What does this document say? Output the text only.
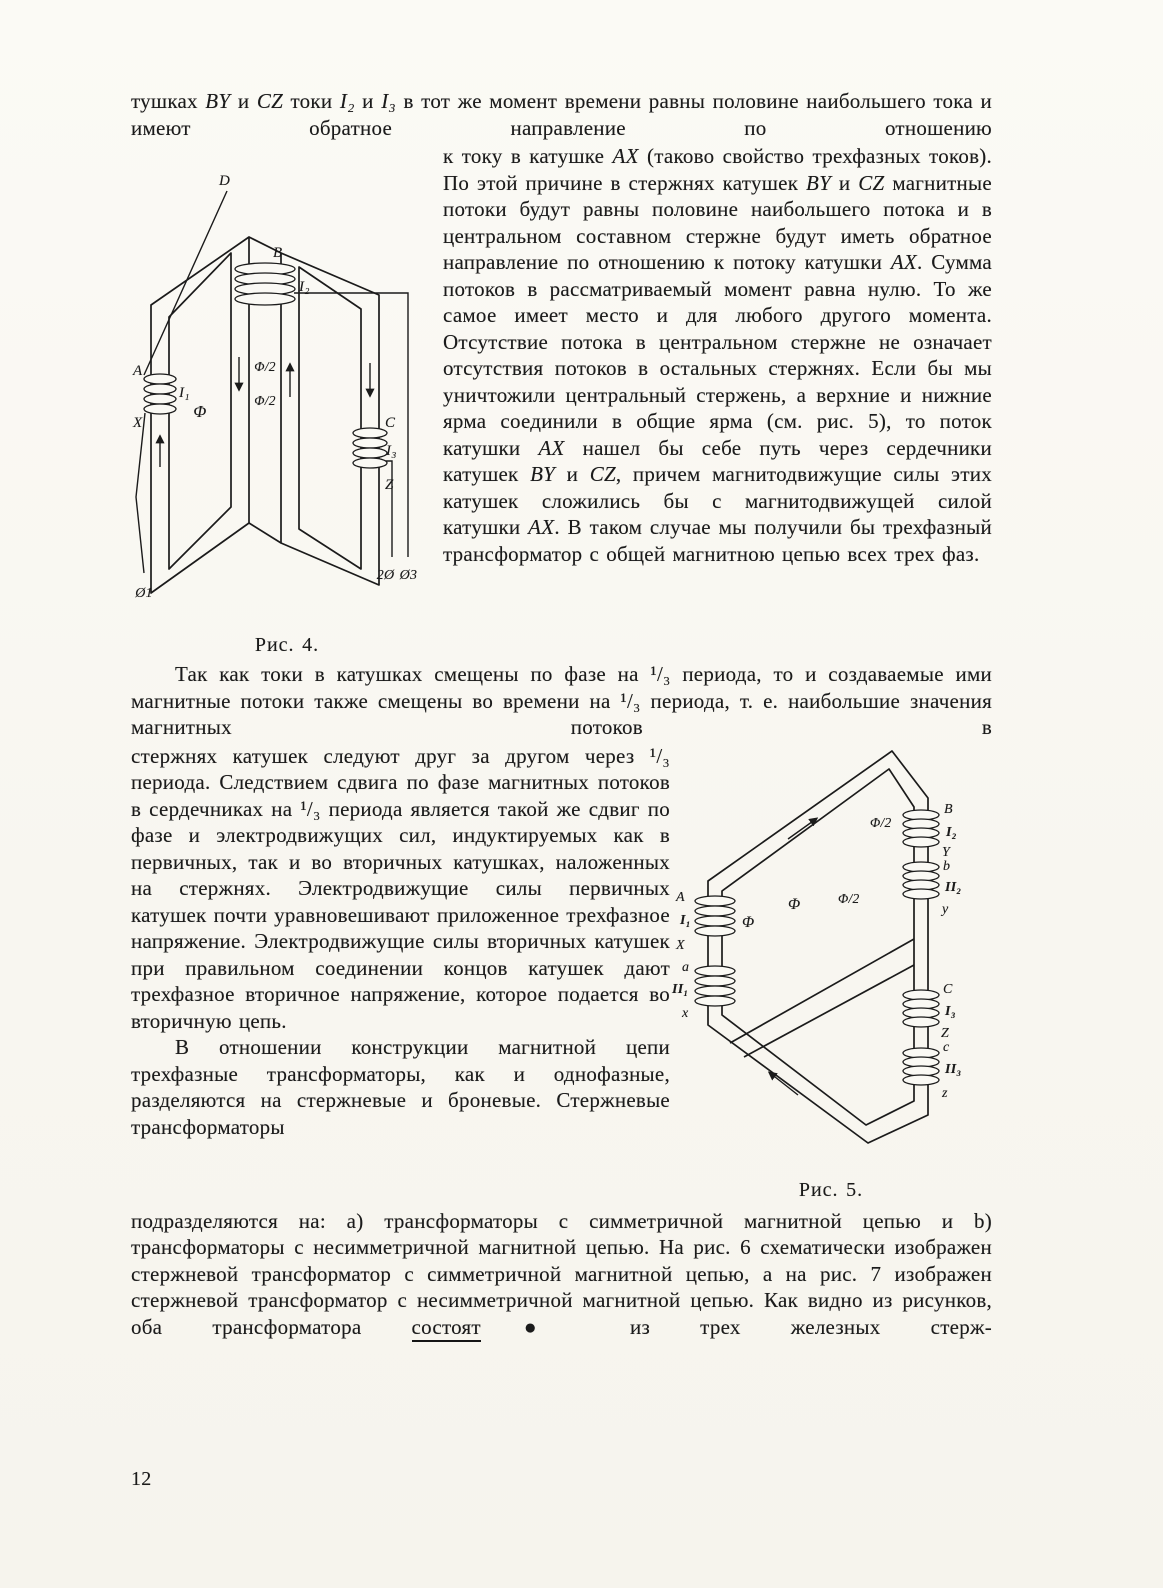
тушках BY и CZ токи I₂ и I₃ в тот же момент времени равны половине наибольшего тока и имеют обратное направление по отношению

D
B
I₂
Φ
Φ/2
Φ/2
A
I₁
X	C
I₃
Z
Ø1
2Ø Ø3
Рис. 4.

к току в катушке AX (таково свойство трехфазных токов). По этой причине в стержнях катушек BY и CZ магнитные потоки будут равны половине наибольшего потока и в центральном составном стержне будут иметь обратное направление по отношению к потоку катушки AX. Сумма потоков в рассматриваемый момент равна нулю. То же самое имеет место и для любого другого момента. Отсутствие потока в центральном стержне не означает отсутствия потоков в остальных стержнях. Если бы мы уничтожили центральный стержень, а верхние и нижние ярма соединили в общие ярма (см. рис. 5), то поток катушки AX нашел бы себе путь через сердечники катушек BY и CZ, причем магнитодвижущие силы этих катушек сложились бы с магнитодвижущей силой катушки AX. В таком случае мы получили бы трехфазный трансформатор с общей магнитною цепью всех трех фаз.

Так как токи в катушках смещены по фазе на ¹/₃ периода, то и создаваемые ими магнитные потоки также смещены во времени на ¹/₃ периода, т. е. наибольшие значения магнитных потоков в

стержнях катушек следуют друг за другом через ¹/₃ периода. Следствием сдвига по фазе магнитных потоков в сердечниках на ¹/₃ периода является такой же сдвиг по фазе и электродвижущих сил, индуктируемых как в первичных, так и во вторичных катушках, наложенных на стержнях. Электродвижущие силы первичных катушек почти уравновешивают приложенное трехфазное напряжение. Электродвижущие силы вторичных катушек при правильном соединении концов катушек дают трехфазное вторичное напряжение, которое подается во вторичную цепь.

В отношении конструкции магнитной цепи трехфазные трансформаторы, как и однофазные, разделяются на стержневые и броневые. Стержневые трансформаторы

A
I₁
X
a
II₁
x
Φ
Φ	Φ/2
Φ/2
B
I₂
Y
b
II₂
y
C
I₃
Z
c
II₃
z
Рис. 5.

подразделяются на: a) трансформаторы с симметричной магнитной цепью и b) трансформаторы с несимметричной магнитной цепью. На рис. 6 схематически изображен стержневой трансформатор с симметричной магнитной цепью, а на рис. 7 изображен стержневой трансформатор с несимметричной магнитной цепью. Как видно из рисунков, оба трансформатора состоят● из трех железных стерж-

12
